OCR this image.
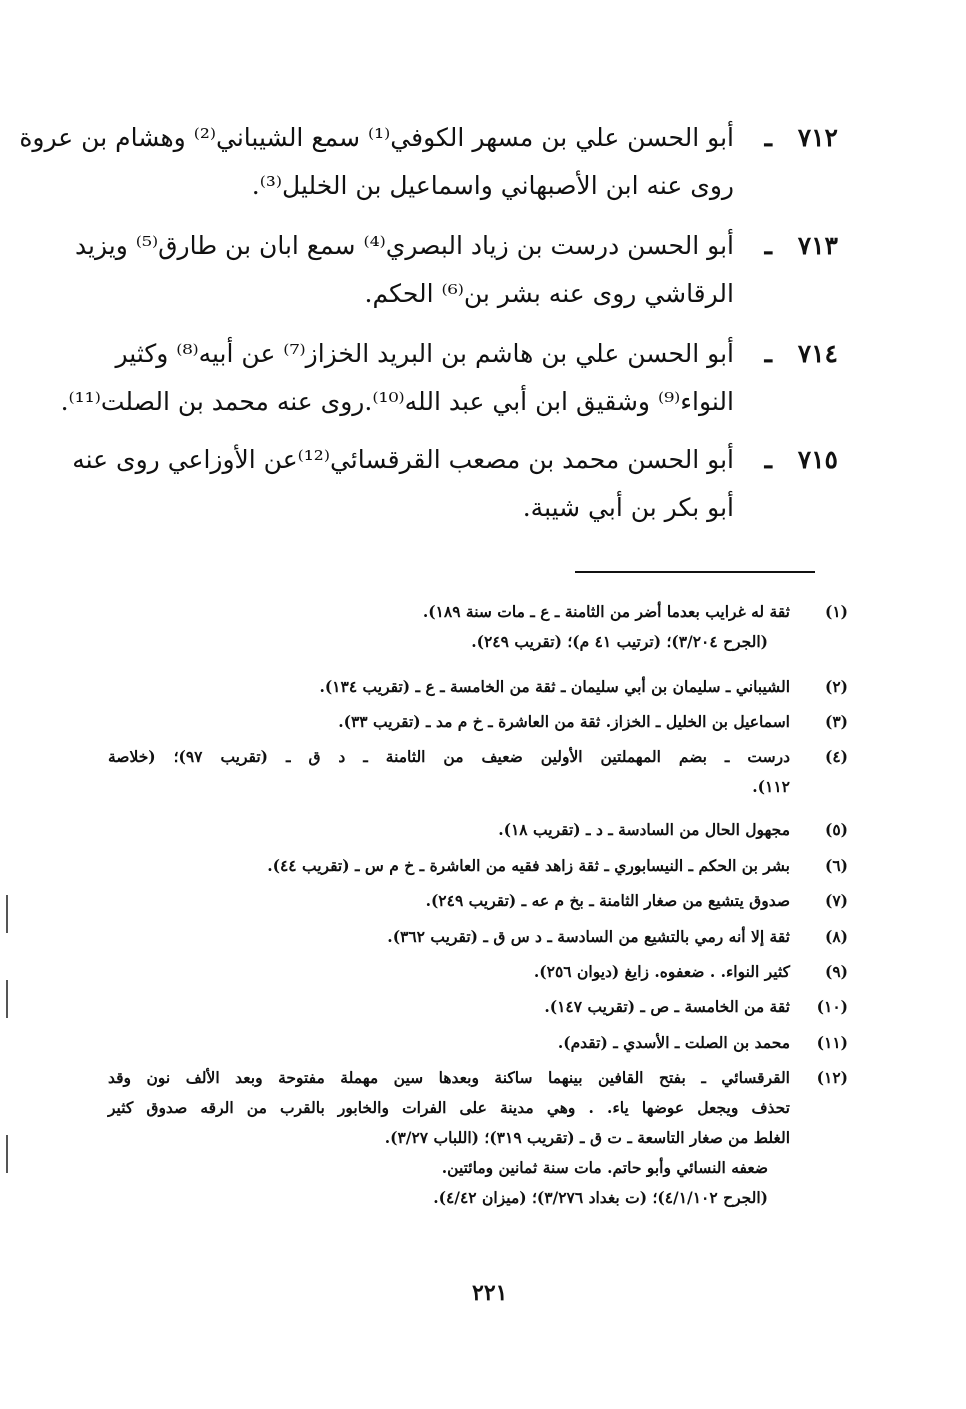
٧١٢
ـ
أبو الحسن علي بن مسهر الكوفي⁽¹⁾ سمع الشيباني⁽²⁾ وهشام بن عروة
روى عنه ابن الأصبهاني واسماعيل بن الخليل⁽³⁾.
٧١٣
ـ
أبو الحسن درست بن زياد البصري⁽⁴⁾ سمع ابان بن طارق⁽⁵⁾ ويزيد
الرقاشي روى عنه بشر بن⁽⁶⁾ الحكم.
٧١٤
ـ
أبو الحسن علي بن هاشم بن البريد الخزاز⁽⁷⁾ عن أبيه⁽⁸⁾ وكثير
النواء⁽⁹⁾ وشقيق ابن أبي عبد الله⁽¹⁰⁾.روى عنه محمد بن الصلت⁽¹¹⁾.
٧١٥
ـ
أبو الحسن محمد بن مصعب القرقسائي⁽¹²⁾عن الأوزاعي روى عنه
أبو بكر بن أبي شيبة.
(١)
ثقة له غرايب بعدما أضر من الثامنة ـ ع ـ مات سنة ١٨٩).
(الجرح ٣/٢٠٤)؛ (ترتيب ٤١ م)؛ (تقريب ٢٤٩).
(٢)
الشيباني ـ سليمان بن أبي سليمان ـ ثقة من الخامسة ـ ع ـ (تقريب ١٣٤).
(٣)
اسماعيل بن الخليل ـ الخزاز. ثقة من العاشرة ـ خ م مد ـ (تقريب ٣٣).
(٤)
درست ـ بضم المهملتين الأولين ضعيف من الثامنة ـ د ق ـ (تقريب ٩٧)؛ (خلاصة
١١٢).
(٥)
مجهول الحال من السادسة ـ د ـ (تقريب ١٨).
(٦)
بشر بن الحكم ـ النيسابوري ـ ثقة زاهد فقيه من العاشرة ـ خ م س ـ (تقريب ٤٤).
(٧)
صدوق يتشيع من صغار الثامنة ـ بخ م عه ـ (تقريب ٢٤٩).
(٨)
ثقة إلا أنه رمي بالتشيع من السادسة ـ د س ق ـ (تقريب ٣٦٢).
(٩)
كثير النواء. . ضعفوه. زايغ (ديوان ٢٥٦).
(١٠)
ثقة من الخامسة ـ ص ـ (تقريب ١٤٧).
(١١)
محمد بن الصلت ـ الأسدي ـ (تقدم).
(١٢)
القرقسائي ـ بفتح القافين بينهما ساكنة وبعدها سين مهملة مفتوحة وبعد الألف نون وقد
تحذف ويجعل عوضها ياء. . وهي مدينة على الفرات والخابور بالقرب من الرقه صدوق كثير
الغلط من صغار التاسعة ـ ت ق ـ (تقريب ٣١٩)؛ (اللباب ٣/٢٧).
ضعفه النسائي وأبو حاتم. مات سنة ثمانين ومائتين.
(الجرح ٤/١/١٠٢)؛ (ت بغداد ٣/٢٧٦)؛ (ميزان ٤/٤٢).
٢٢١
